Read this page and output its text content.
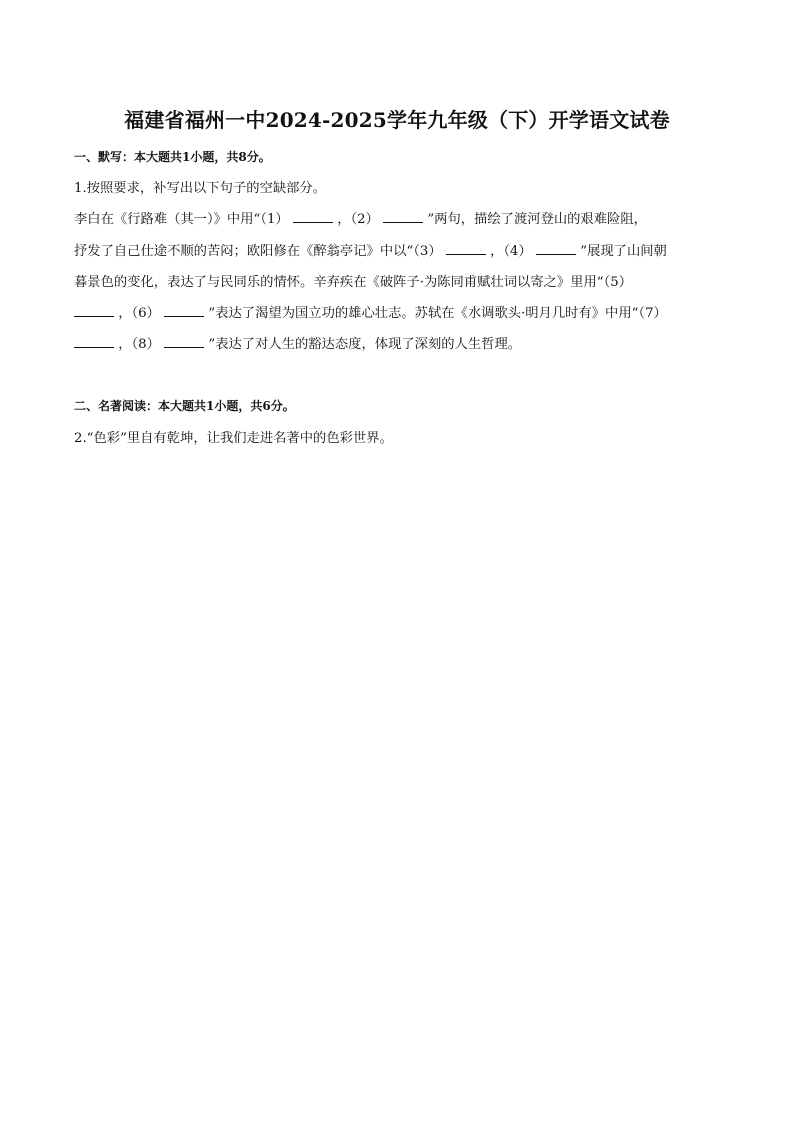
福建省福州一中2024-2025学年九年级（下）开学语文试卷
一、默写：本大题共1小题，共8分。
1.按照要求，补写出以下句子的空缺部分。
李白在《行路难（其一）》中用“（1）	，（2）	”两句，描绘了渡河登山的艰难险阻，
抒发了自己仕途不顺的苦闷；欧阳修在《醉翁亭记》中以“（3）	，（4）	”展现了山间朝
暮景色的变化，表达了与民同乐的情怀。辛弃疾在《破阵子·为陈同甫赋壮词以寄之》里用“（5）
，（6）	”表达了渴望为国立功的雄心壮志。苏轼在《水调歌头·明月几时有》中用“（7）
，（8）	”表达了对人生的豁达态度，体现了深刻的人生哲理。
二、名著阅读：本大题共1小题，共6分。
2.“色彩”里自有乾坤，让我们走进名著中的色彩世界。
